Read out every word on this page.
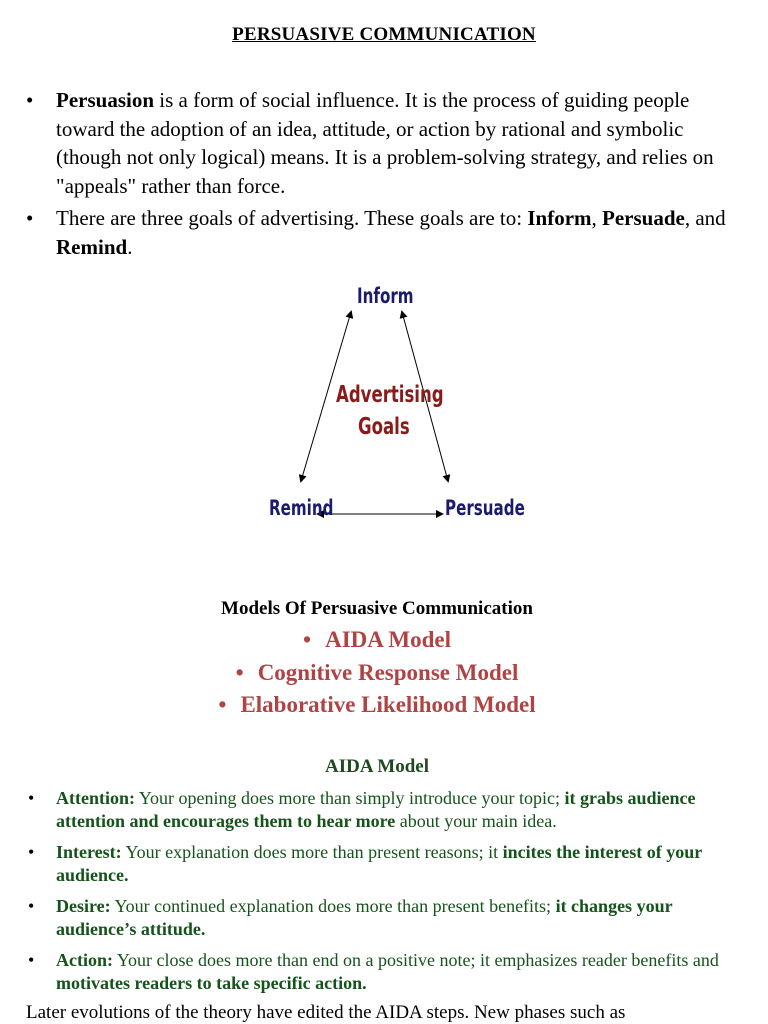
PERSUASIVE COMMUNICATION
• Persuasion is a form of social influence. It is the process of guiding people toward the adoption of an idea, attitude, or action by rational and symbolic (though not only logical) means. It is a problem-solving strategy, and relies on "appeals" rather than force.
• There are three goals of advertising. These goals are to: Inform, Persuade, and Remind.
Inform
Advertising
Goals
Remind	Persuade
Models Of Persuasive Communication
• AIDA Model
• Cognitive Response Model
• Elaborative Likelihood Model
AIDA Model
• Attention: Your opening does more than simply introduce your topic; it grabs audience attention and encourages them to hear more about your main idea.
• Interest: Your explanation does more than present reasons; it incites the interest of your audience.
• Desire: Your continued explanation does more than present benefits; it changes your audience’s attitude.
• Action: Your close does more than end on a positive note; it emphasizes reader benefits and motivates readers to take specific action.
Later evolutions of the theory have edited the AIDA steps. New phases such as
